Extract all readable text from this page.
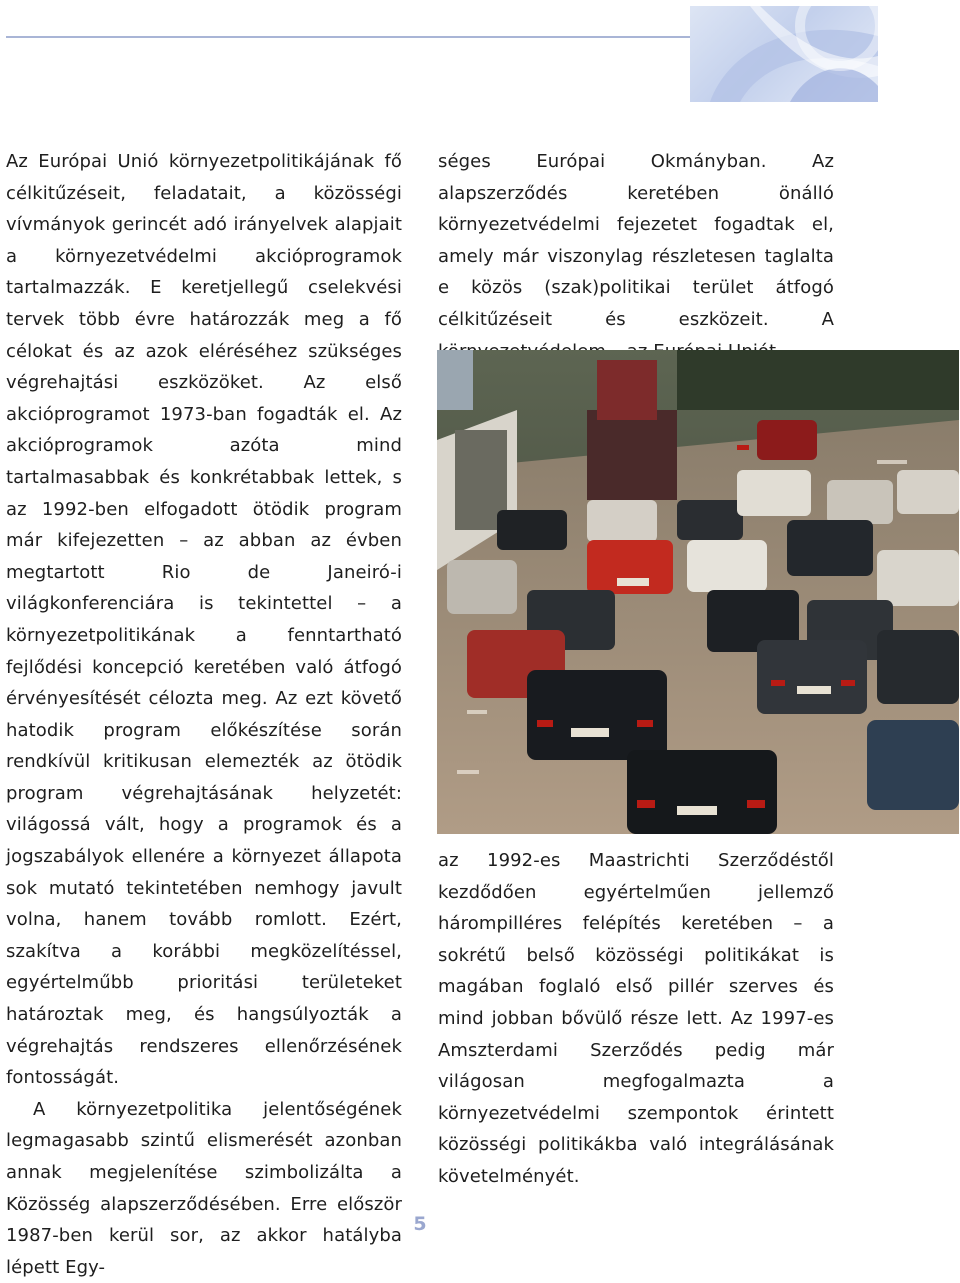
Az Európai Unió környezetpolitikájának fő célkitűzéseit, feladatait, a közösségi vívmányok gerincét adó irányelvek alapjait a környezetvédelmi akcióprogramok tartalmazzák. E keretjellegű cselekvési tervek több évre határozzák meg a fő célokat és az azok eléréséhez szükséges végrehajtási eszközöket. Az első akcióprogramot 1973-ban fogadták el. Az akcióprogramok azóta mind tartalmasabbak és konkrétabbak lettek, s az 1992-ben elfogadott ötödik program már kifejezetten – az abban az évben megtartott Rio de Janeiró-i világkonferenciára is tekintettel – a környezetpolitikának a fenntartható fejlődési koncepció keretében való átfogó érvényesítését célozta meg. Az ezt követő hatodik program előkészítése során rendkívül kritikusan elemezték az ötödik program végrehajtásának helyzetét: világossá vált, hogy a programok és a jogszabályok ellenére a környezet állapota sok mutató tekintetében nemhogy javult volna, hanem tovább romlott. Ezért, szakítva a korábbi megközelítéssel, egyértelműbb prioritási területeket határoztak meg, és hangsúlyozták a végrehajtás rendszeres ellenőrzésének fontosságát.

A környezetpolitika jelentőségének legmagasabb szintű elismerését azonban annak megjelenítése szimbolizálta a Közösség alapszerződésében. Erre először 1987-ben kerül sor, az akkor hatályba lépett Egy-

séges Európai Okmányban. Az alapszerződés keretében önálló környezetvédelmi fejezetet fogadtak el, amely már viszonylag részletesen taglalta e közös (szak)politikai terület átfogó célkitűzéseit és eszközeit. A

az 1992-es Maastrichti Szerződéstől kezdődően egyértelműen jellemző hárompilléres felépítés keretében – a sokrétű belső közösségi politikákat is magában foglaló első pillér szerves és mind jobban bővülő része lett. Az 1997-es Amszterdami Szerződés pedig már világosan megfogalmazta a környezetvédelmi szempontok érintett közösségi politikákba való integrálásának követelményét.

5
